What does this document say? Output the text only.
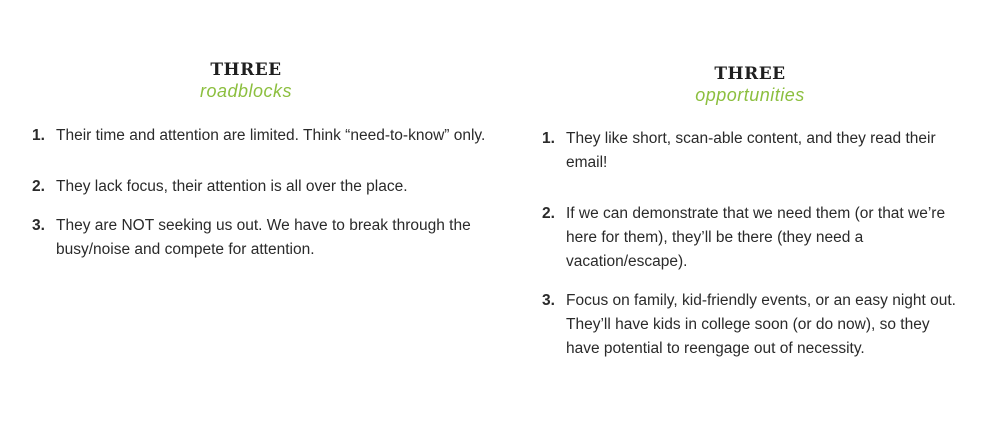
THREE
roadblocks
1. Their time and attention are limited. Think “need-to-know” only.
2. They lack focus, their attention is all over the place.
3. They are NOT seeking us out. We have to break through the busy/noise and compete for attention.
THREE
opportunities
1. They like short, scan-able content, and they read their email!
2. If we can demonstrate that we need them (or that we’re here for them), they’ll be there (they need a vacation/escape).
3. Focus on family, kid-friendly events, or an easy night out. They’ll have kids in college soon (or do now), so they have potential to reengage out of necessity.
